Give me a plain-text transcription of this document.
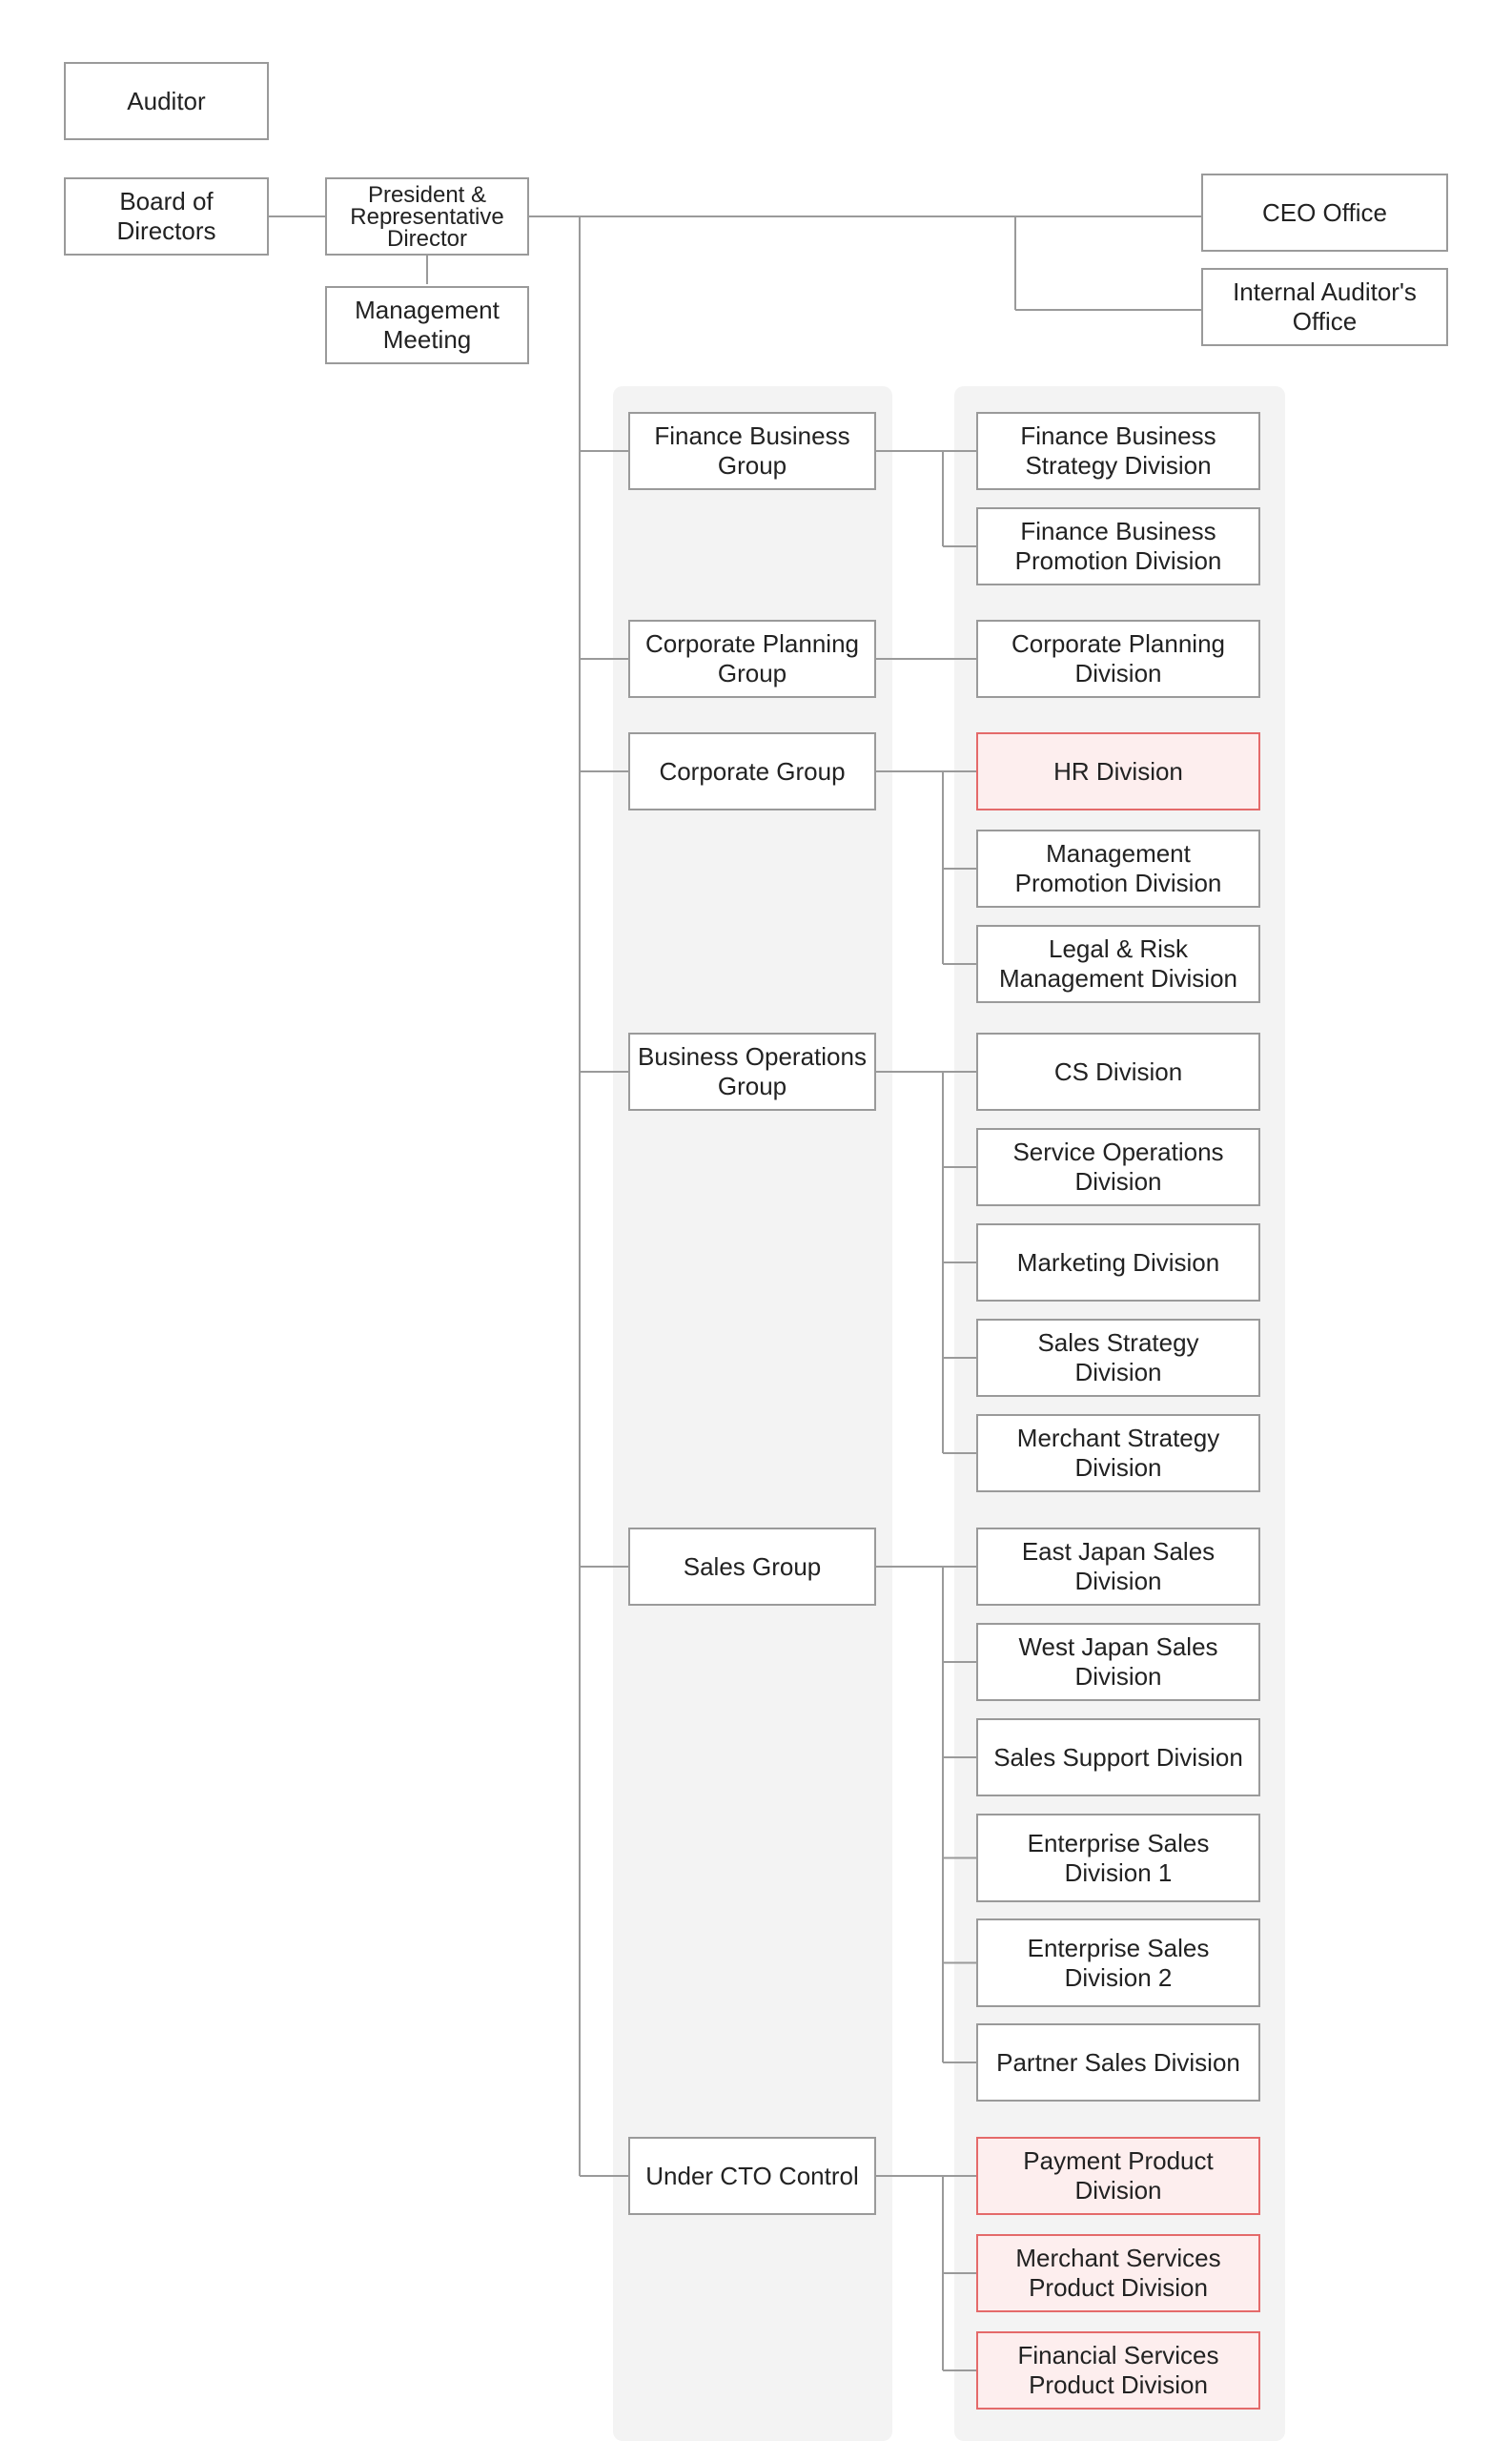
Auditor
Board of
Directors
President &
Representative
Director
Management
Meeting
CEO Office
Internal Auditor's
Office
Finance Business
Group
Finance Business
Strategy Division
Finance Business
Promotion Division
Corporate Planning
Group
Corporate Planning
Division
Corporate Group	HR Division
Management
Promotion Division
Legal & Risk
Management Division
Business Operations
Group
CS Division
Service Operations
Division
Marketing Division
Sales Strategy
Division
Merchant Strategy
Division
Sales Group
East Japan Sales
Division
West Japan Sales
Division
Sales Support Division
Enterprise Sales
Division 1
Enterprise Sales
Division 2
Partner Sales Division
Under CTO Control
Payment Product
Division
Merchant Services
Product Division
Financial Services
Product Division
